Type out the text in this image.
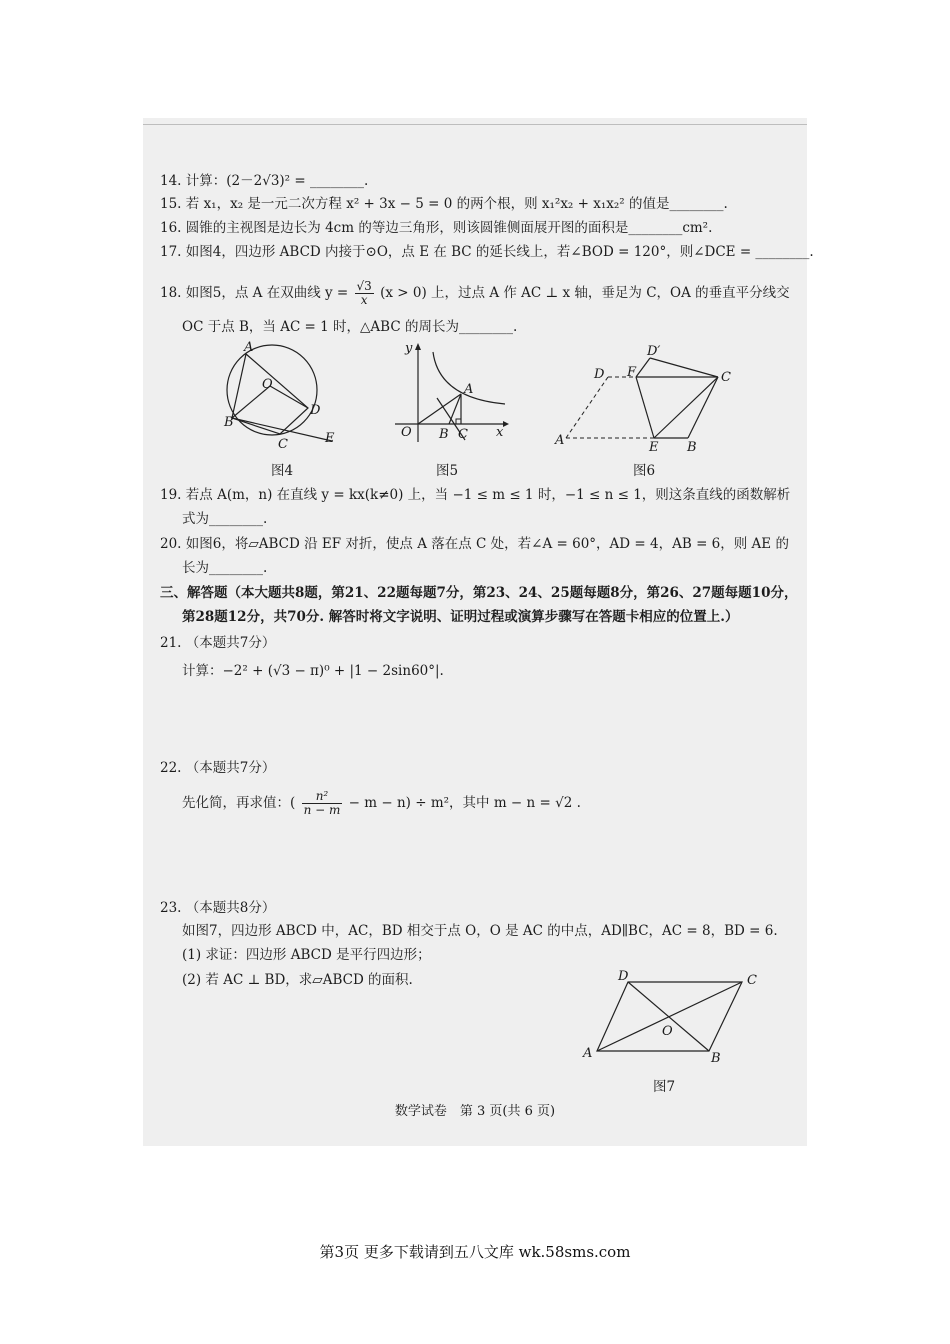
14. 计算：(2－2√3)² = ________.
15. 若 x₁，x₂ 是一元二次方程 x² + 3x − 5 = 0 的两个根，则 x₁²x₂ + x₁x₂² 的值是________.
16. 圆锥的主视图是边长为 4cm 的等边三角形，则该圆锥侧面展开图的面积是________cm².
17. 如图4，四边形 ABCD 内接于⊙O，点 E 在 BC 的延长线上，若∠BOD = 120°，则∠DCE = ________.
18. 如图5，点 A 在双曲线 $y = \frac{√3}{x} (x > 0)$ 上，过点 A 作 AC ⊥ x 轴，垂足为 C，OA 的垂直平分线交
OC 于点 B，当 AC = 1 时，△ABC 的周长为________.
A
O
B
C
D
E
图4
y
A
O B C x
图5
D′
D F	C
A	E B
图6
19. 若点 A(m，n) 在直线 y = kx(k≠0) 上，当 −1 ≤ m ≤ 1 时，−1 ≤ n ≤ 1，则这条直线的函数解析
式为________.
20. 如图6，将▱ABCD 沿 EF 对折，使点 A 落在点 C 处，若∠A = 60°，AD = 4，AB = 6，则 AE 的
长为________.
三、解答题（本大题共8题，第21、22题每题7分，第23、24、25题每题8分，第26、27题每题10分，
第28题12分，共70分. 解答时将文字说明、证明过程或演算步骤写在答题卡相应的位置上.）
21. （本题共7分）
计算：−2² + (√3 − π)⁰ + |1 − 2sin60°|.
22. （本题共7分）
先化简，再求值：( $\frac{\text{n²}}{n - m} - m - n) \div m^2$，其中 m − n = √2 .
23. （本题共8分）
如图7，四边形 ABCD 中，AC，BD 相交于点 O，O 是 AC 的中点，AD∥BC，AC = 8，BD = 6.
(1) 求证：四边形 ABCD 是平行四边形；
(2) 若 AC ⊥ BD，求▱ABCD 的面积.	D	C
O
A	B
图7
数学试卷　第 3 页(共 6 页)
第3页 更多下载请到五八文库 wk.58sms.com
